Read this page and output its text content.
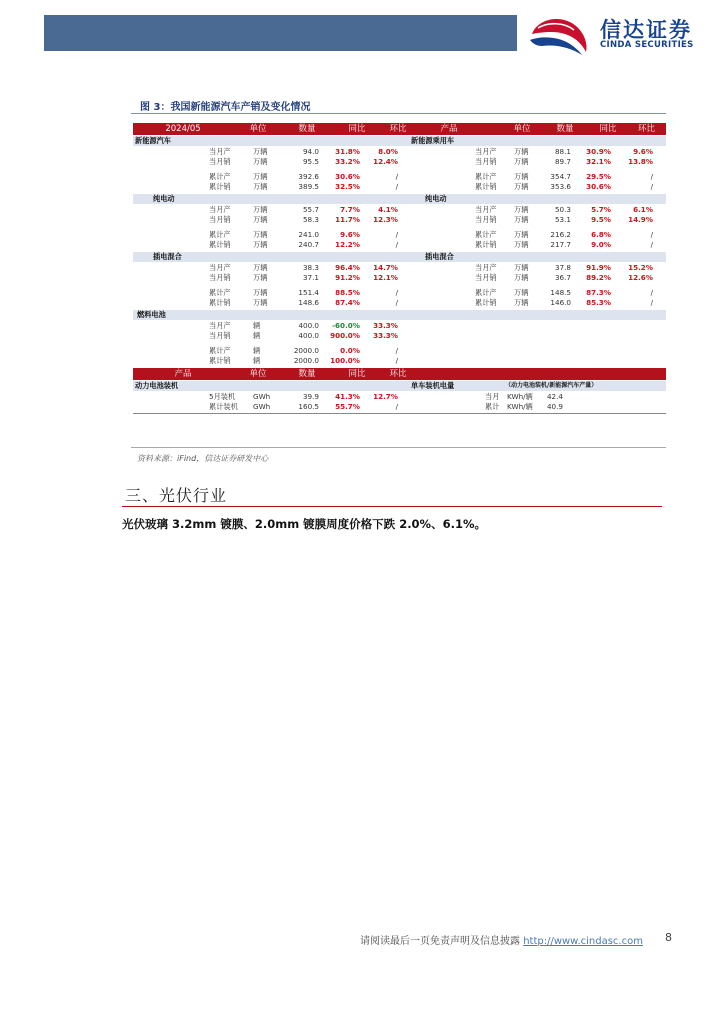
信达证券
CINDA SECURITIES
图 3：我国新能源汽车产销及变化情况
2024/05	单位	数量	同比	环比	产品	单位	数量	同比	环比
新能源汽车	新能源乘用车
当月产	万辆	94.0	31.8%	8.0%	当月产 万辆	88.1	30.9%	9.6%
当月销	万辆	95.5	33.2%	12.4%	当月销 万辆	89.7	32.1%	13.8%
累计产	万辆	392.6	30.6%	/	累计产 万辆	354.7	29.5%	/
累计销	万辆	389.5	32.5%	/	累计销 万辆	353.6	30.6%	/
纯电动	纯电动
当月产	万辆	55.7	7.7%	4.1%	当月产 万辆	50.3	5.7%	6.1%
当月销	万辆	58.3	11.7%	12.3%	当月销 万辆	53.1	9.5%	14.9%
累计产	万辆	241.0	9.6%	/	累计产 万辆	216.2	6.8%	/
累计销	万辆	240.7	12.2%	/	累计销 万辆	217.7	9.0%	/
插电混合	插电混合
当月产	万辆	38.3	96.4%	14.7%	当月产 万辆	37.8	91.9%	15.2%
当月销	万辆	37.1	91.2%	12.1%	当月销 万辆	36.7	89.2%	12.6%
累计产	万辆	151.4	88.5%	/	累计产 万辆	148.5	87.3%	/
累计销	万辆	148.6	87.4%	/	累计销 万辆	146.0	85.3%	/
燃料电池
当月产	辆	400.0	-60.0%	33.3%
当月销	辆	400.0	900.0%	33.3%
累计产	辆	2000.0	0.0%	/
累计销	辆	2000.0	100.0%	/
产品	单位	数量	同比	环比
动力电池装机	单车装机电量	（动力电池装机/新能源汽车产量）
5月装机 GWh	39.9	41.3%	12.7%	当月 KWh/辆	42.4
累计装机 GWh	160.5	55.7%	/	累计 KWh/辆	40.9
资料来源：iFind，信达证券研发中心
三、光伏行业
光伏玻璃 3.2mm 镀膜、2.0mm 镀膜周度价格下跌 2.0%、6.1%。
请阅读最后一页免责声明及信息披露 http://www.cindasc.com 8
